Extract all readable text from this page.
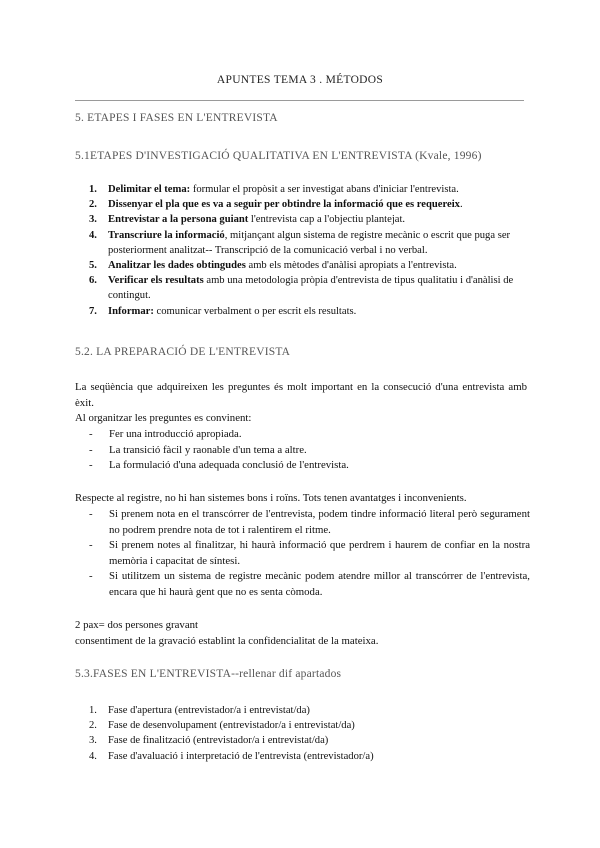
APUNTES TEMA 3 . MÉTODOS
5. ETAPES I FASES EN L'ENTREVISTA
5.1ETAPES D'INVESTIGACIÓ QUALITATIVA EN L'ENTREVISTA (Kvale, 1996)
1. Delimitar el tema: formular el propòsit a ser investigat abans d'iniciar l'entrevista.
2. Dissenyar el pla que es va a seguir per obtindre la informació que es requereix.
3. Entrevistar a la persona guiant l'entrevista cap a l'objectiu plantejat.
4. Transcriure la informació, mitjançant algun sistema de registre mecànic o escrit que puga ser posteriorment analitzat-- Transcripció de la comunicació verbal i no verbal.
5. Analitzar les dades obtingudes amb els mètodes d'anàlisi apropiats a l'entrevista.
6. Verificar els resultats amb una metodologia pròpia d'entrevista de tipus qualitatiu i d'anàlisi de contingut.
7. Informar: comunicar verbalment o per escrit els resultats.
5.2. LA PREPARACIÓ DE L'ENTREVISTA
La seqüència que adquireixen les preguntes és molt important en la consecució d'una entrevista amb èxit.
Al organitzar les preguntes es convinent:
- Fer una introducció apropiada.
- La transició fàcil y raonable d'un tema a altre.
- La formulació d'una adequada conclusió de l'entrevista.
Respecte al registre, no hi han sistemes bons i roïns. Tots tenen avantatges i inconvenients.
- Si prenem nota en el transcórrer de l'entrevista, podem tindre informació literal però segurament no podrem prendre nota de tot i ralentirem el ritme.
- Si prenem notes al finalitzar, hi haurà informació que perdrem i haurem de confiar en la nostra memòria i capacitat de síntesi.
- Si utilitzem un sistema de registre mecànic podem atendre millor al transcórrer de l'entrevista, encara que hi haurà gent que no es senta còmoda.
2 pax= dos persones gravant
consentiment de la gravació establint la confidencialitat de la mateixa.
5.3.FASES EN L'ENTREVISTA--rellenar dif apartados
1. Fase d'apertura (entrevistador/a i entrevistat/da)
2. Fase de desenvolupament (entrevistador/a i entrevistat/da)
3. Fase de finalització (entrevistador/a i entrevistat/da)
4. Fase d'avaluació i interpretació de l'entrevista (entrevistador/a)
